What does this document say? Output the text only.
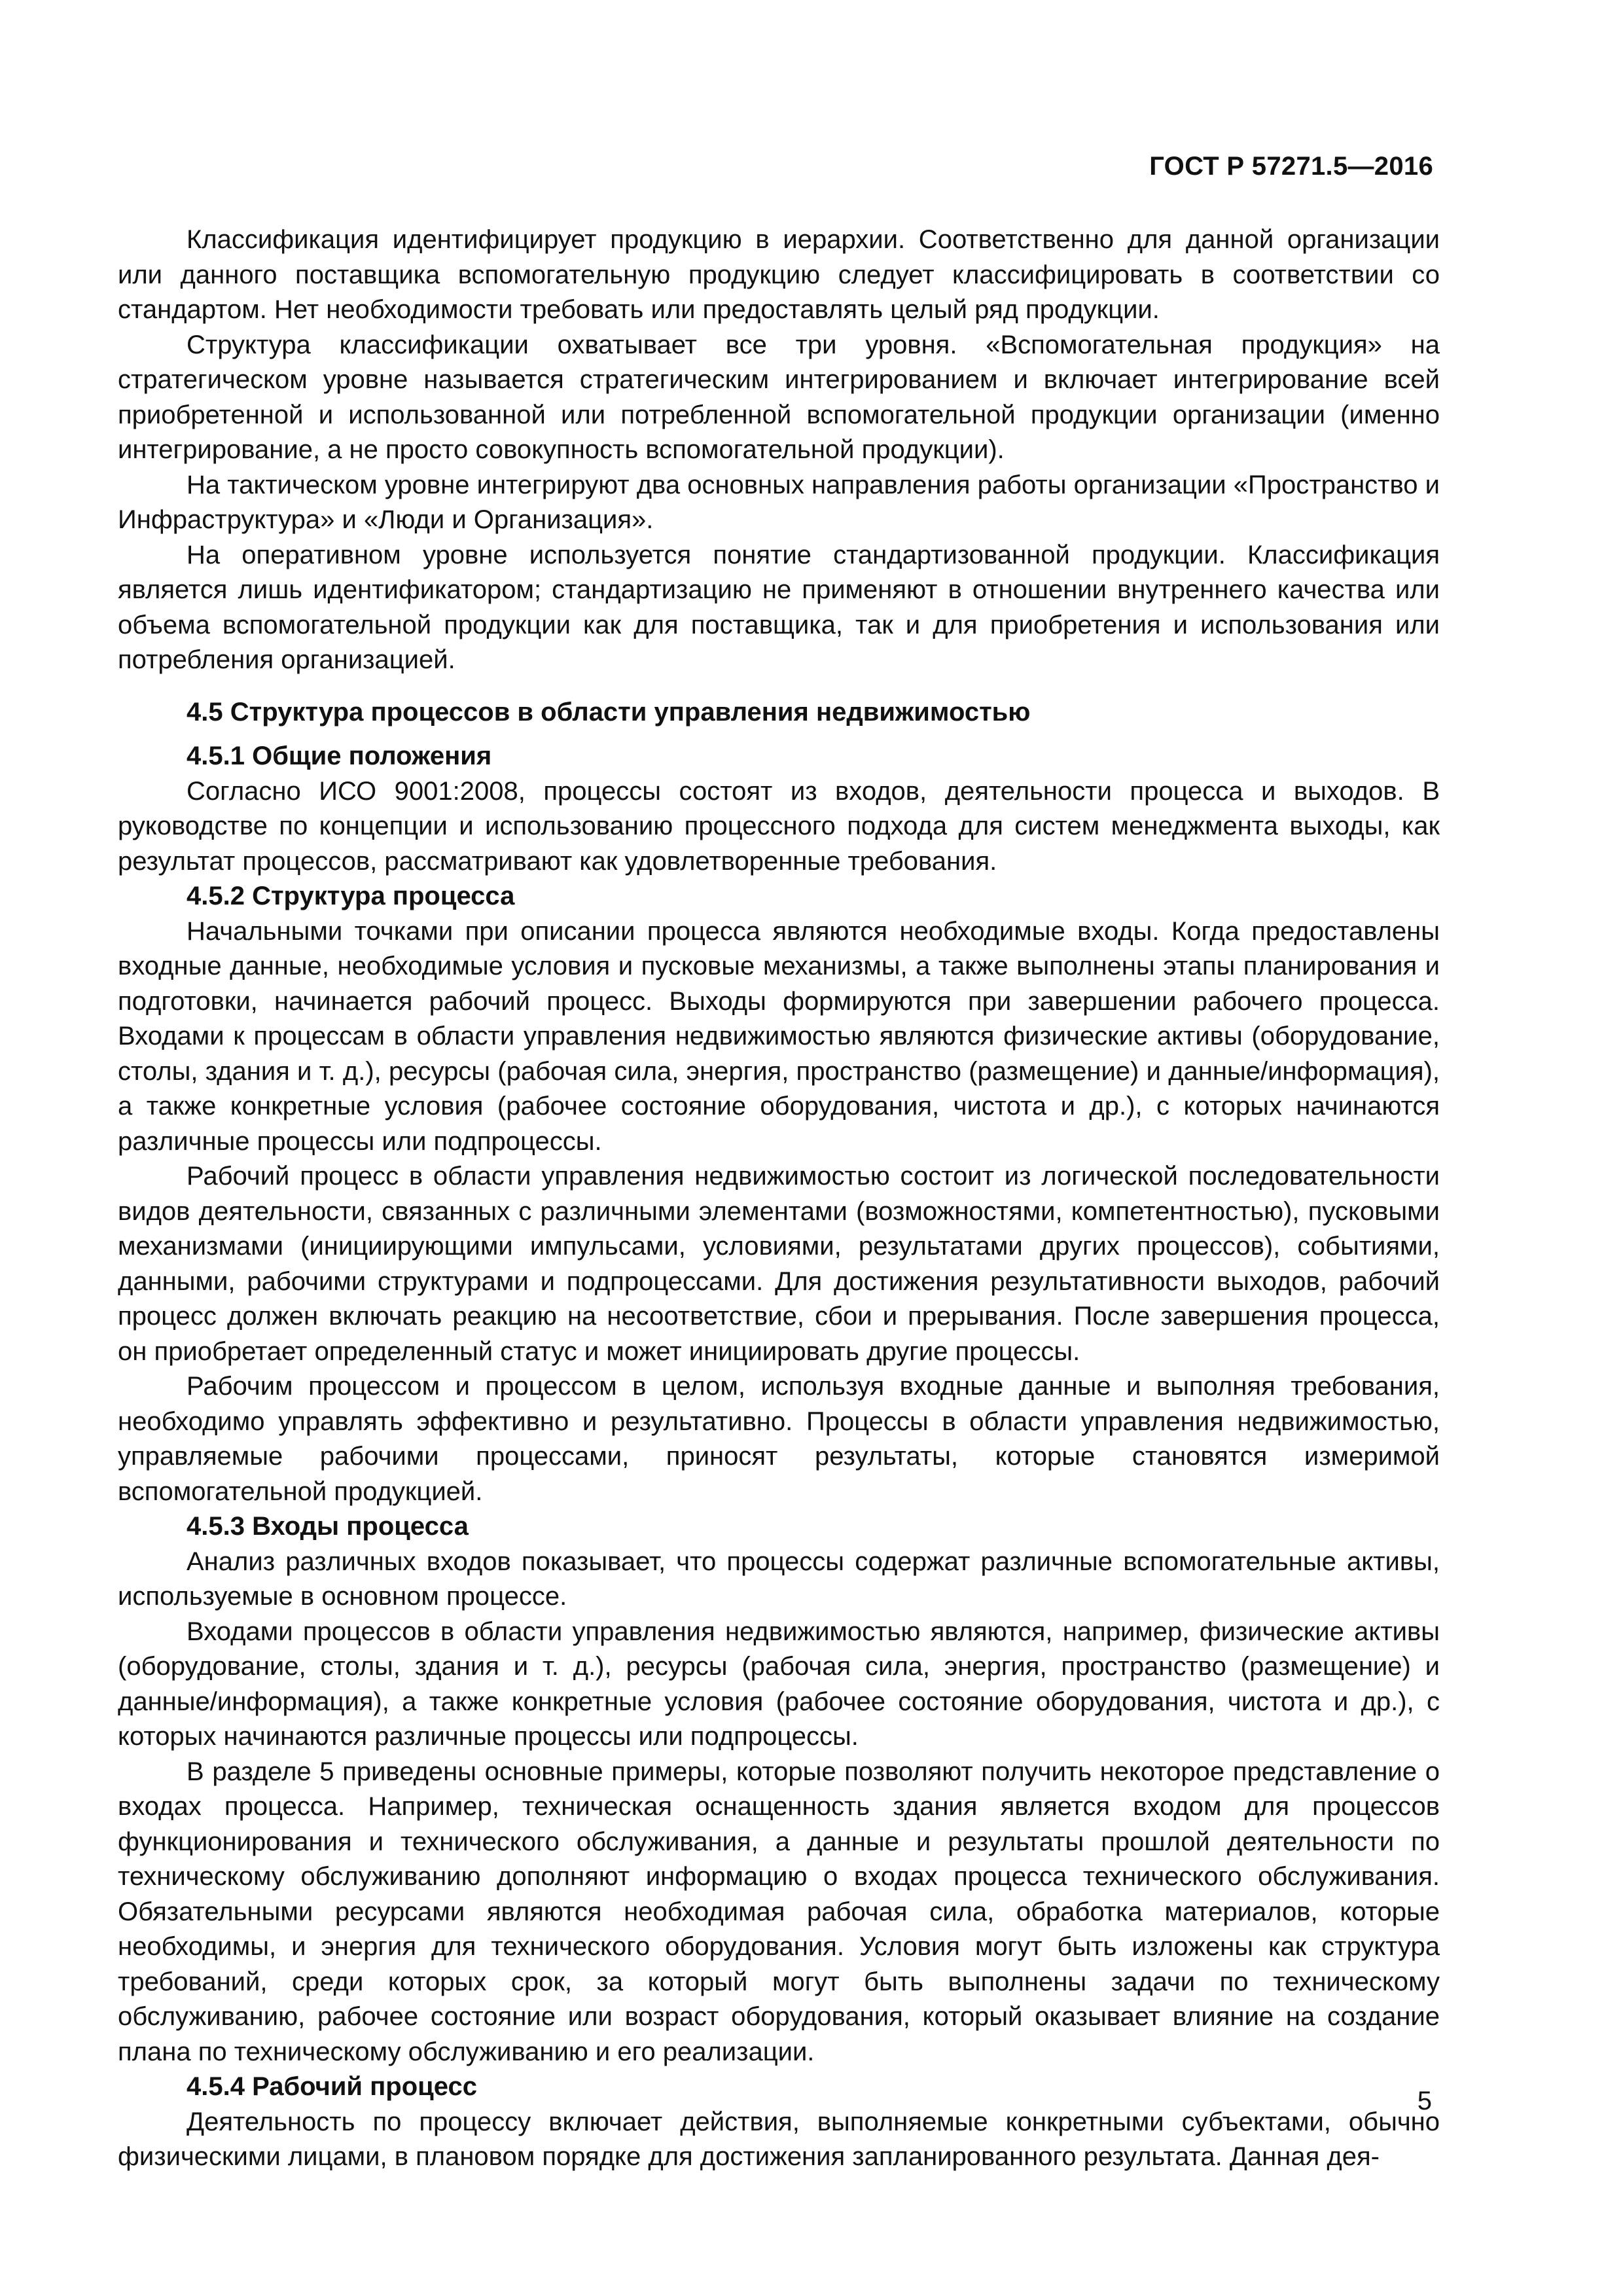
ГОСТ Р 57271.5—2016

Классификация идентифицирует продукцию в иерархии. Соответственно для данной организации или данного поставщика вспомогательную продукцию следует классифицировать в соответствии со стандартом. Нет необходимости требовать или предоставлять целый ряд продукции.

Структура классификации охватывает все три уровня. «Вспомогательная продукция» на стратегическом уровне называется стратегическим интегрированием и включает интегрирование всей приобретенной и использованной или потребленной вспомогательной продукции организации (именно интегрирование, а не просто совокупность вспомогательной продукции).

На тактическом уровне интегрируют два основных направления работы организации «Пространство и Инфраструктура» и «Люди и Организация».

На оперативном уровне используется понятие стандартизованной продукции. Классификация является лишь идентификатором; стандартизацию не применяют в отношении внутреннего качества или объема вспомогательной продукции как для поставщика, так и для приобретения и использования или потребления организацией.

4.5 Структура процессов в области управления недвижимостью
4.5.1 Общие положения

Согласно ИСО 9001:2008, процессы состоят из входов, деятельности процесса и выходов. В руководстве по концепции и использованию процессного подхода для систем менеджмента выходы, как результат процессов, рассматривают как удовлетворенные требования.

4.5.2 Структура процесса

Начальными точками при описании процесса являются необходимые входы. Когда предоставлены входные данные, необходимые условия и пусковые механизмы, а также выполнены этапы планирования и подготовки, начинается рабочий процесс. Выходы формируются при завершении рабочего процесса. Входами к процессам в области управления недвижимостью являются физические активы (оборудование, столы, здания и т. д.), ресурсы (рабочая сила, энергия, пространство (размещение) и данные/информация), а также конкретные условия (рабочее состояние оборудования, чистота и др.), с которых начинаются различные процессы или подпроцессы.

Рабочий процесс в области управления недвижимостью состоит из логической последовательности видов деятельности, связанных с различными элементами (возможностями, компетентностью), пусковыми механизмами (инициирующими импульсами, условиями, результатами других процессов), событиями, данными, рабочими структурами и подпроцессами. Для достижения результативности выходов, рабочий процесс должен включать реакцию на несоответствие, сбои и прерывания. После завершения процесса, он приобретает определенный статус и может инициировать другие процессы.

Рабочим процессом и процессом в целом, используя входные данные и выполняя требования, необходимо управлять эффективно и результативно. Процессы в области управления недвижимостью, управляемые рабочими процессами, приносят результаты, которые становятся измеримой вспомогательной продукцией.

4.5.3 Входы процесса

Анализ различных входов показывает, что процессы содержат различные вспомогательные активы, используемые в основном процессе.

Входами процессов в области управления недвижимостью являются, например, физические активы (оборудование, столы, здания и т. д.), ресурсы (рабочая сила, энергия, пространство (размещение) и данные/информация), а также конкретные условия (рабочее состояние оборудования, чистота и др.), с которых начинаются различные процессы или подпроцессы.

В разделе 5 приведены основные примеры, которые позволяют получить некоторое представление о входах процесса. Например, техническая оснащенность здания является входом для процессов функционирования и технического обслуживания, а данные и результаты прошлой деятельности по техническому обслуживанию дополняют информацию о входах процесса технического обслуживания. Обязательными ресурсами являются необходимая рабочая сила, обработка материалов, которые необходимы, и энергия для технического оборудования. Условия могут быть изложены как структура требований, среди которых срок, за который могут быть выполнены задачи по техническому обслуживанию, рабочее состояние или возраст оборудования, который оказывает влияние на создание плана по техническому обслуживанию и его реализации.

4.5.4 Рабочий процесс

Деятельность по процессу включает действия, выполняемые конкретными субъектами, обычно физическими лицами, в плановом порядке для достижения запланированного результата. Данная дея-

5
